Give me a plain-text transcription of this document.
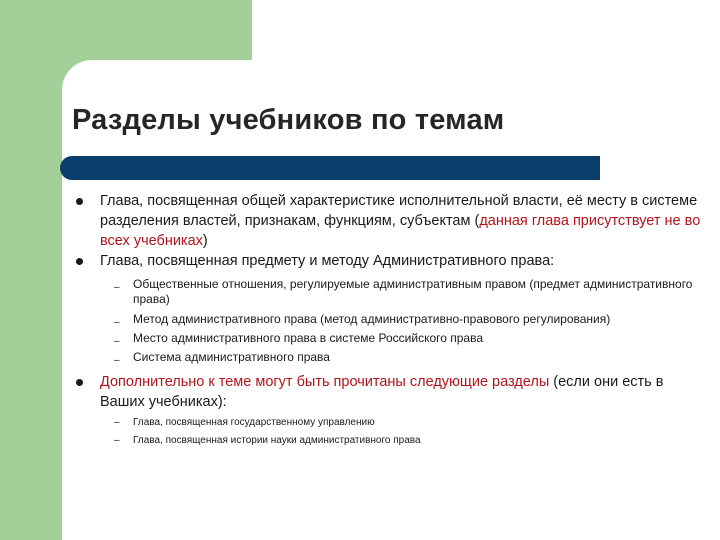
Разделы учебников по темам
Глава, посвященная общей характеристике исполнительной власти, её месту в системе разделения властей, признакам, функциям, субъектам (данная глава присутствует не во всех учебниках)
Глава, посвященная предмету и методу Административного права:
– Общественные отношения, регулируемые административным правом (предмет административного права)
– Метод административного права (метод административно-правового регулирования)
– Место административного права в системе Российского права
– Система административного права
Дополнительно к теме могут быть прочитаны следующие разделы (если они есть в Ваших учебниках):
– Глава, посвященная государственному управлению
– Глава, посвященная истории науки административного права
